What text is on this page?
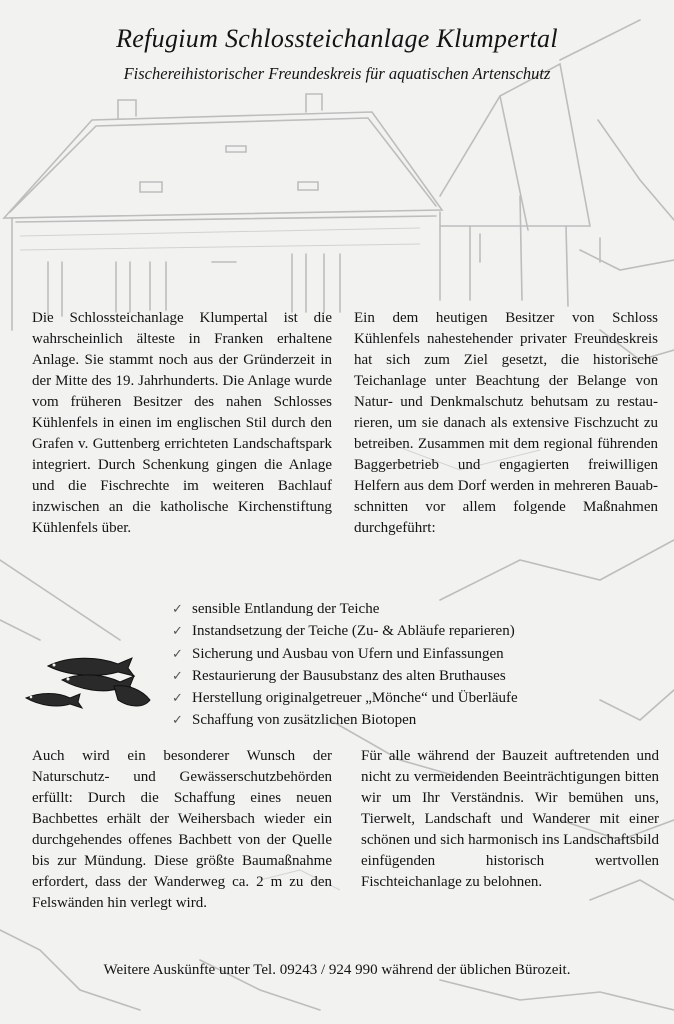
Refugium Schlossteichanlage Klumpertal
Fischereihistorischer Freundeskreis für aquatischen Artenschutz

Die Schlossteichanlage Klumpertal ist die wahrscheinlich älteste in Franken erhaltene Anlage. Sie stammt noch aus der Gründerzeit in der Mitte des 19. Jahrhunderts. Die Anlage wurde vom früheren Besitzer des nahen Schlosses Kühlenfels in einen im englischen Stil durch den Grafen v. Guttenberg errichteten Landschaftspark integriert. Durch Schenkung gingen die Anlage und die Fischrechte im weiteren Bachlauf inzwischen an die katholische Kirchenstiftung Kühlenfels über.

Ein dem heutigen Besitzer von Schloss Kühlenfels nahestehender privater Freundeskreis hat sich zum Ziel gesetzt, die historische Teichanlage unter Beachtung der Belange von Natur- und Denkmalschutz behutsam zu restaurieren, um sie danach als extensive Fischzucht zu betreiben. Zusammen mit dem regional führenden Baggerbetrieb und engagierten freiwilligen Helfern aus dem Dorf werden in mehreren Bauabschnitten vor allem folgende Maßnahmen durchgeführt:

✓ sensible Entlandung der Teiche
✓ Instandsetzung der Teiche (Zu- & Abläufe reparieren)
✓ Sicherung und Ausbau von Ufern und Einfassungen
✓ Restaurierung der Bausubstanz des alten Bruthauses
✓ Herstellung originalgetreuer „Mönche“ und Überläufe
✓ Schaffung von zusätzlichen Biotopen

Auch wird ein besonderer Wunsch der Naturschutz- und Gewässerschutzbehörden erfüllt: Durch die Schaffung eines neuen Bachbettes erhält der Weihersbach wieder ein durchgehendes offenes Bachbett von der Quelle bis zur Mündung. Diese größte Baumaßnahme erfordert, dass der Wanderweg ca. 2 m zu den Felswänden hin verlegt wird.

Für alle während der Bauzeit auftretenden und nicht zu vermeidenden Beeinträchtigungen bitten wir um Ihr Verständnis. Wir bemühen uns, Tierwelt, Landschaft und Wanderer mit einer schönen und sich harmonisch ins Landschaftsbild einfügenden historisch wertvollen Fischteichanlage zu belohnen.

Weitere Auskünfte unter Tel. 09243 / 924 990 während der üblichen Bürozeit.
